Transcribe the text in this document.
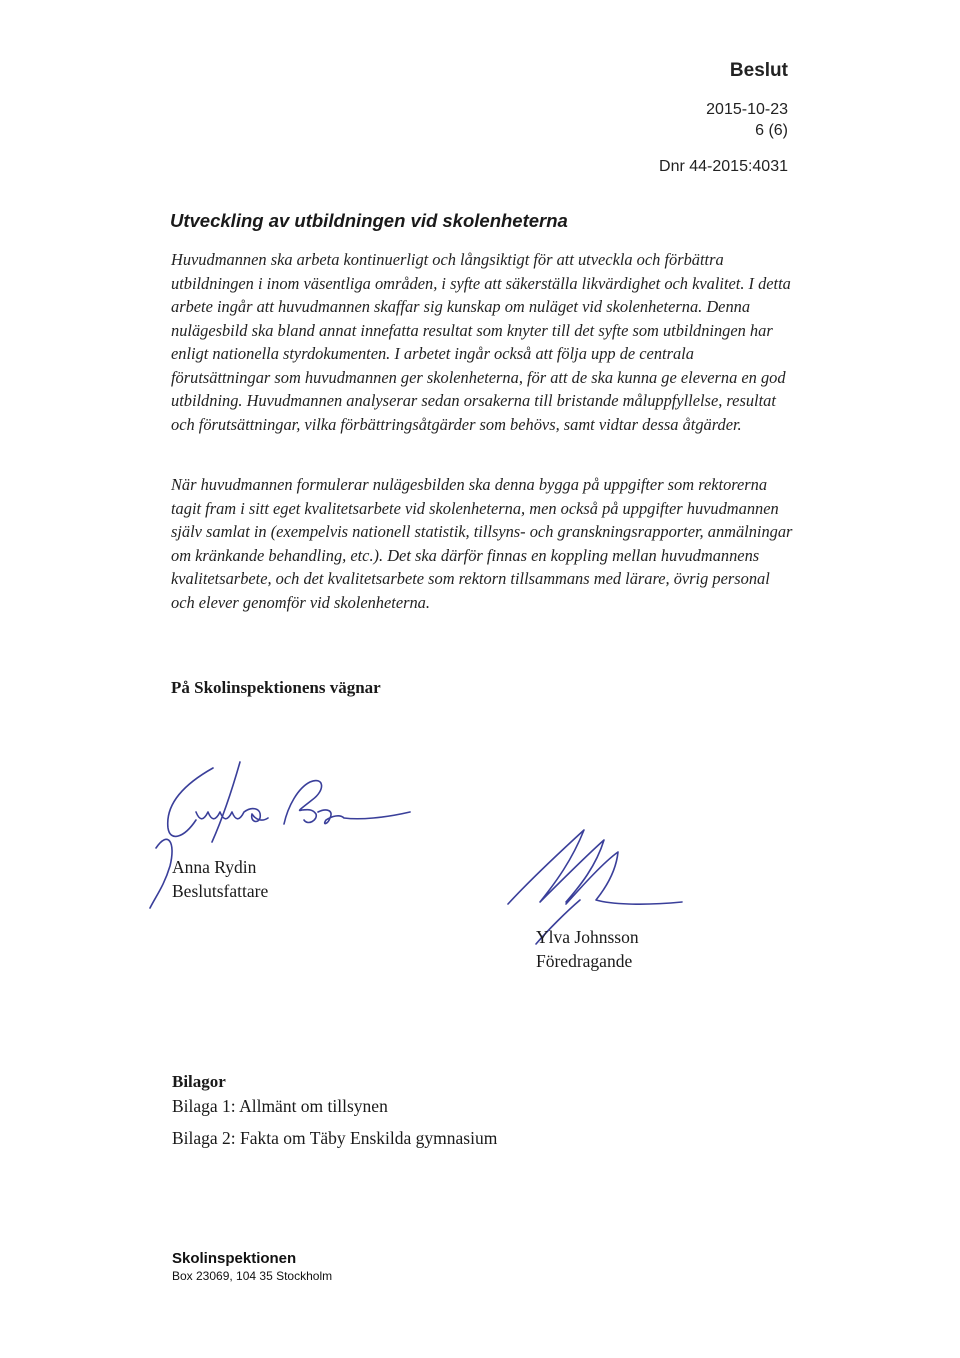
Beslut
2015-10-23
6 (6)
Dnr 44-2015:4031
Utveckling av utbildningen vid skolenheterna

Huvudmannen ska arbeta kontinuerligt och långsiktigt för att utveckla och förbättra utbildningen i inom väsentliga områden, i syfte att säkerställa likvärdighet och kvalitet. I detta arbete ingår att huvudmannen skaffar sig kunskap om nuläget vid skolenheterna. Denna nulägesbild ska bland annat innefatta resultat som knyter till det syfte som utbildningen har enligt nationella styrdokumenten. I arbetet ingår också att följa upp de centrala förutsättningar som huvudmannen ger skolenheterna, för att de ska kunna ge eleverna en god utbildning. Huvudmannen analyserar sedan orsakerna till bristande måluppfyllelse, resultat och förutsättningar, vilka förbättringsåtgärder som behövs, samt vidtar dessa åtgärder.

När huvudmannen formulerar nulägesbilden ska denna bygga på uppgifter som rektorerna tagit fram i sitt eget kvalitetsarbete vid skolenheterna, men också på uppgifter huvudmannen själv samlat in (exempelvis nationell statistik, tillsyns- och granskningsrapporter, anmälningar om kränkande behandling, etc.). Det ska därför finnas en koppling mellan huvudmannens kvalitetsarbete, och det kvalitetsarbete som rektorn tillsammans med lärare, övrig personal och elever genomför vid skolenheterna.

På Skolinspektionens vägnar
Anna Rydin
Beslutsfattare
Ylva Johnsson
Föredragande
Bilagor

Bilaga 1: Allmänt om tillsynen

Bilaga 2: Fakta om Täby Enskilda gymnasium

Skolinspektionen
Box 23069, 104 35 Stockholm
